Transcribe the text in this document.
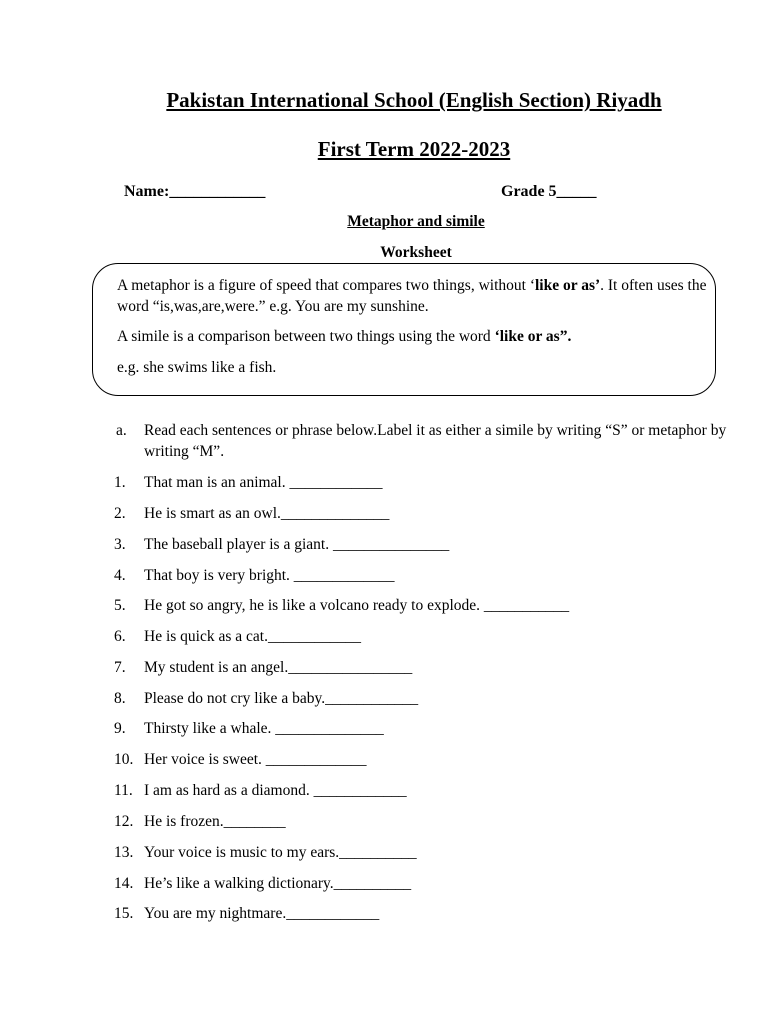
Pakistan International School (English Section) Riyadh
First Term 2022-2023
Name:____________	Grade 5_____
Metaphor and simile
Worksheet
A metaphor is a figure of speed that compares two things, without ‘like or as’. It often uses the word “is,was,are,were.” e.g. You are my sunshine.
A simile is a comparison between two things using the word ‘like or as”.
e.g. she swims like a fish.
a. Read each sentences or phrase below.Label it as either a simile by writing “S” or metaphor by writing “M”.
1. That man is an animal. ____________
2. He is smart as an owl.______________
3. The baseball player is a giant. _______________
4. That boy is very bright. _____________
5. He got so angry, he is like a volcano ready to explode. ___________
6. He is quick as a cat.____________
7. My student is an angel.________________
8. Please do not cry like a baby.____________
9. Thirsty like a whale. ______________
10. Her voice is sweet. _____________
11. I am as hard as a diamond. ____________
12. He is frozen.________
13. Your voice is music to my ears.__________
14. He’s like a walking dictionary.__________
15. You are my nightmare.____________
